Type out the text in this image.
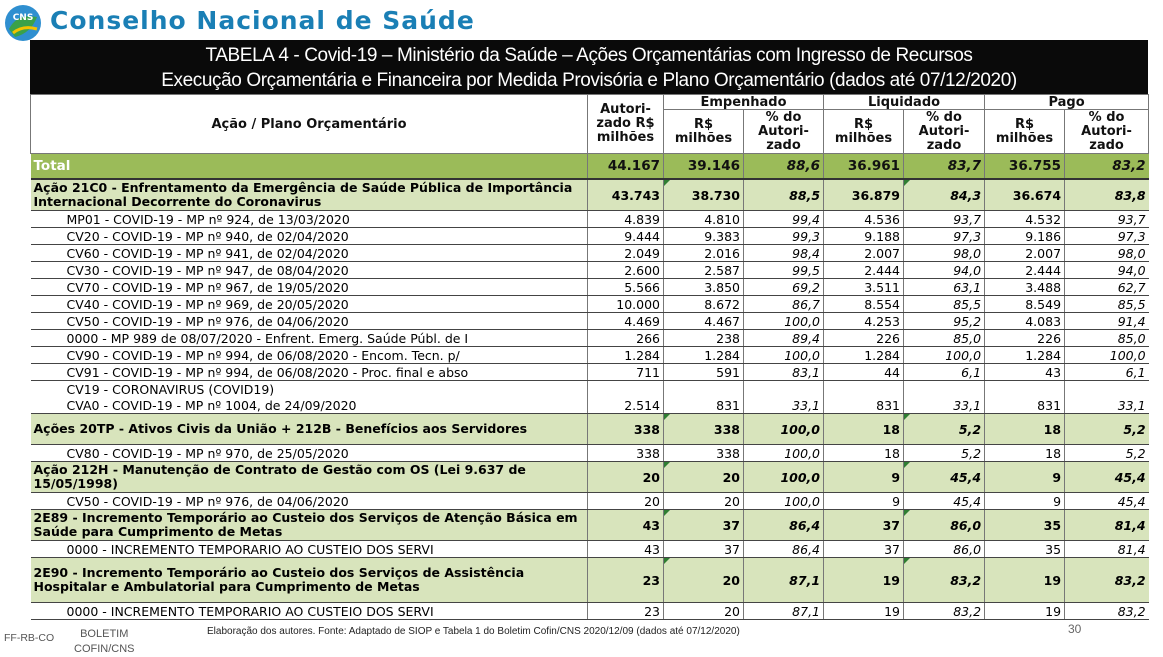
CNS Conselho Nacional de Saúde
TABELA 4 - Covid-19 – Ministério da Saúde – Ações Orçamentárias com Ingresso de Recursos
Execução Orçamentária e Financeira por Medida Provisória e Plano Orçamentário (dados até 07/12/2020)
Ação / Plano Orçamentário	Autori-zado R$ milhões	Empenhado		Liquidado		Pago	
		R$ milhões	% do Autori-zado	R$ milhões	% do Autori-zado	R$ milhões	% do Autori-zado
Total	44.167	39.146	88,6	36.961	83,7	36.755	83,2
Ação 21C0 - Enfrentamento da Emergência de Saúde Pública de Importância Internacional Decorrente do Coronavirus	43.743	38.730	88,5	36.879	84,3	36.674	83,8
MP01 - COVID-19 - MP nº 924, de 13/03/2020	4.839	4.810	99,4	4.536	93,7	4.532	93,7
CV20 - COVID-19 - MP nº 940, de 02/04/2020	9.444	9.383	99,3	9.188	97,3	9.186	97,3
CV60 - COVID-19 - MP nº 941, de 02/04/2020	2.049	2.016	98,4	2.007	98,0	2.007	98,0
CV30 - COVID-19 - MP nº 947, de 08/04/2020	2.600	2.587	99,5	2.444	94,0	2.444	94,0
CV70 - COVID-19 - MP nº 967, de 19/05/2020	5.566	3.850	69,2	3.511	63,1	3.488	62,7
CV40 - COVID-19 - MP nº 969, de 20/05/2020	10.000	8.672	86,7	8.554	85,5	8.549	85,5
CV50 - COVID-19 - MP nº 976, de 04/06/2020	4.469	4.467	100,0	4.253	95,2	4.083	91,4
0000 - MP 989 de 08/07/2020 - Enfrent. Emerg. Saúde Públ. de I	266	238	89,4	226	85,0	226	85,0
CV90 - COVID-19 - MP nº 994, de 06/08/2020 - Encom. Tecn. p/	1.284	1.284	100,0	1.284	100,0	1.284	100,0
CV91 - COVID-19 - MP nº 994, de 06/08/2020 - Proc. final e abso	711	591	83,1	44	6,1	43	6,1
CV19 - CORONAVIRUS (COVID19)							
CVA0 - COVID-19 - MP nº 1004, de 24/09/2020	2.514	831	33,1	831	33,1	831	33,1
Ações 20TP - Ativos Civis da União + 212B - Benefícios aos Servidores	338	338	100,0	18	5,2	18	5,2
CV80 - COVID-19 - MP nº 970, de 25/05/2020	338	338	100,0	18	5,2	18	5,2
Ação 212H - Manutenção de Contrato de Gestão com OS (Lei 9.637 de 15/05/1998)	20	20	100,0	9	45,4	9	45,4
CV50 - COVID-19 - MP nº 976, de 04/06/2020	20	20	100,0	9	45,4	9	45,4
2E89 - Incremento Temporário ao Custeio dos Serviços de Atenção Básica em Saúde para Cumprimento de Metas	43	37	86,4	37	86,0	35	81,4
0000 - INCREMENTO TEMPORARIO AO CUSTEIO DOS SERVI	43	37	86,4	37	86,0	35	81,4
2E90 - Incremento Temporário ao Custeio dos Serviços de Assistência Hospitalar e Ambulatorial para Cumprimento de Metas	23	20	87,1	19	83,2	19	83,2
0000 - INCREMENTO TEMPORARIO AO CUSTEIO DOS SERVI	23	20	87,1	19	83,2	19	83,2
FF-RB-CO	BOLETIM
COFIN/CNS
Elaboração dos autores. Fonte: Adaptado de SIOP e Tabela 1 do Boletim Cofin/CNS 2020/12/09 (dados até 07/12/2020)	30
